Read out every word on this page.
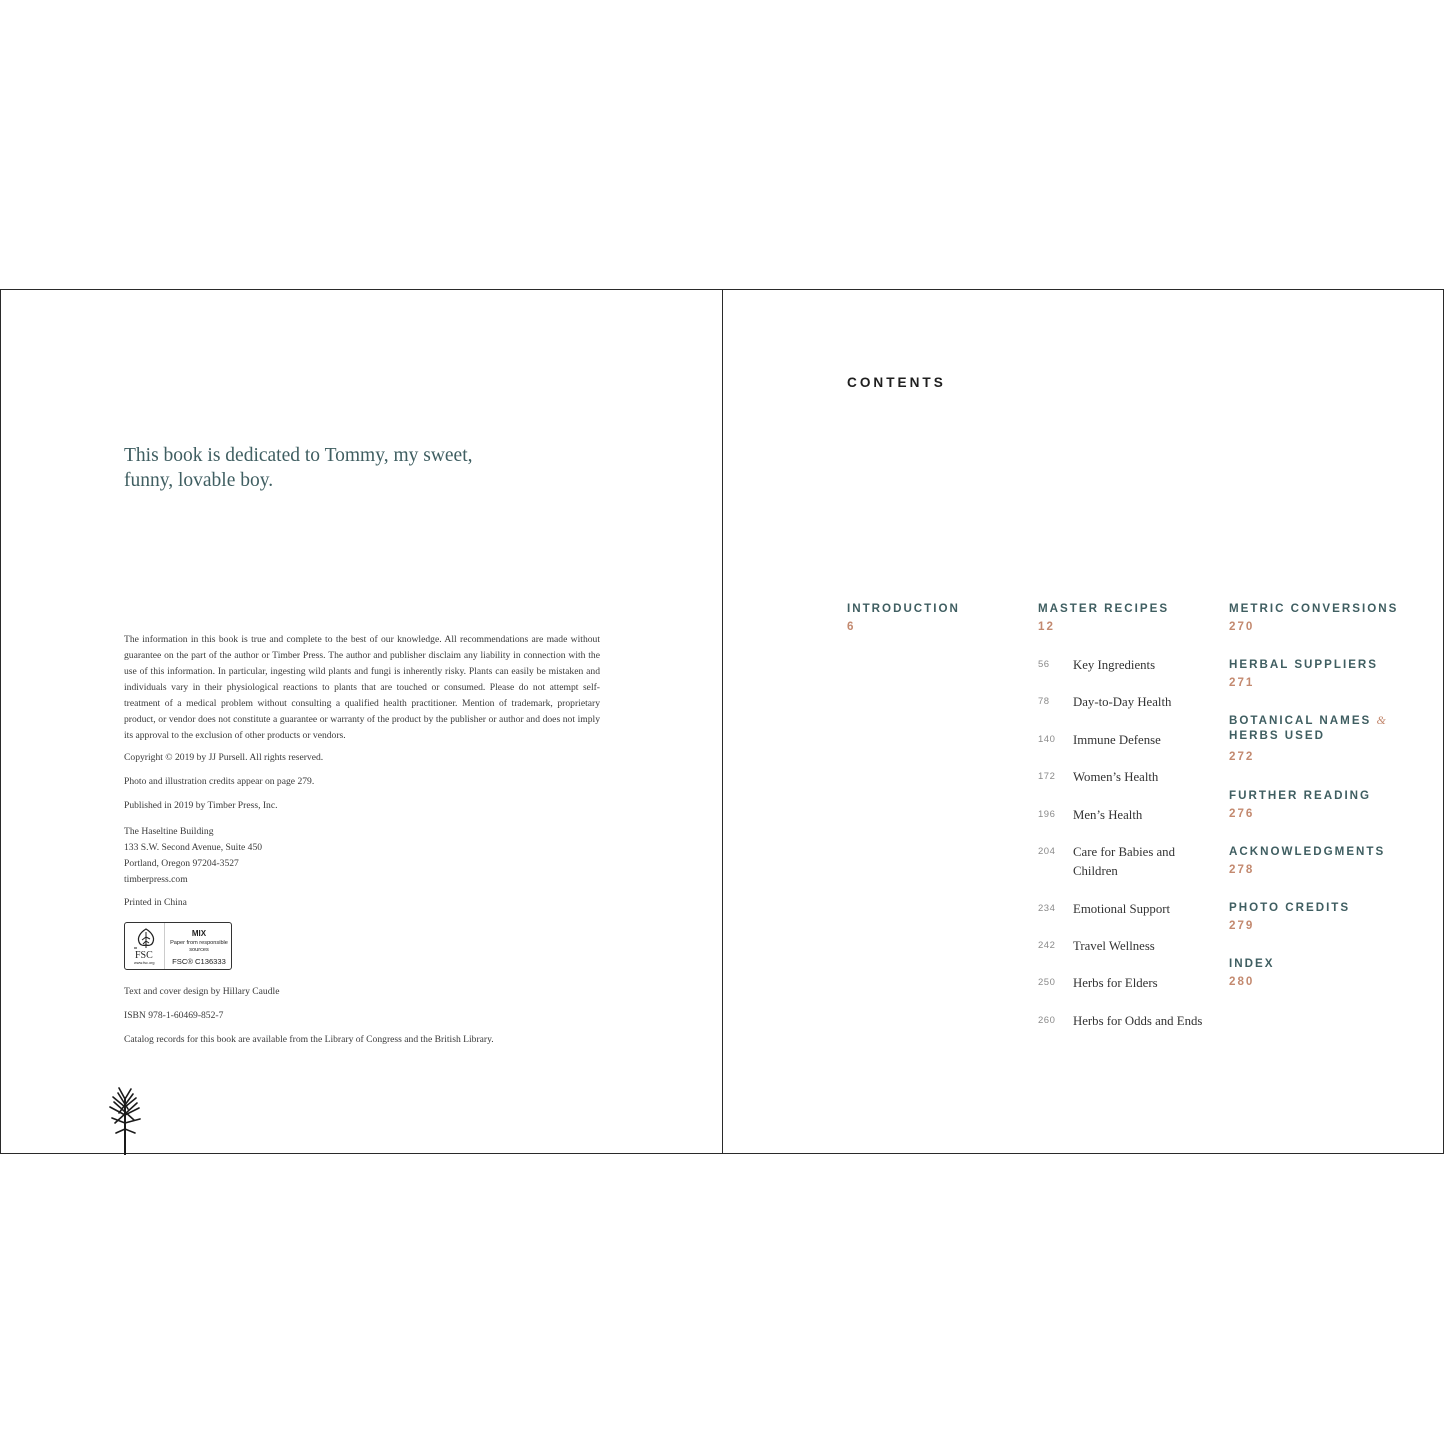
This book is dedicated to Tommy, my sweet, funny, lovable boy.
The information in this book is true and complete to the best of our knowledge. All recommendations are made without guarantee on the part of the author or Timber Press. The author and publisher disclaim any liability in connection with the use of this information. In particular, ingesting wild plants and fungi is inherently risky. Plants can easily be mistaken and individuals vary in their physiological reactions to plants that are touched or consumed. Please do not attempt self-treatment of a medical problem without consulting a qualified health practitioner. Mention of trademark, proprietary product, or vendor does not constitute a guarantee or warranty of the product by the publisher or author and does not imply its approval to the exclusion of other products or vendors.
Copyright © 2019 by JJ Pursell. All rights reserved.
Photo and illustration credits appear on page 279.
Published in 2019 by Timber Press, Inc.
The Haseltine Building
133 S.W. Second Avenue, Suite 450
Portland, Oregon 97204-3527
timberpress.com
Printed in China
FSC
www.fsc.org
MIX
Paper from responsible sources
FSC® C136333
Text and cover design by Hillary Caudle
ISBN 978-1-60469-852-7
Catalog records for this book are available from the Library of Congress and the British Library.
CONTENTS
INTRODUCTION
6
MASTER RECIPES
12
56 Key Ingredients
78 Day-to-Day Health
140 Immune Defense
172 Women’s Health
196 Men’s Health
204 Care for Babies and Children
234 Emotional Support
242 Travel Wellness
250 Herbs for Elders
260 Herbs for Odds and Ends
METRIC CONVERSIONS
270
HERBAL SUPPLIERS
271
BOTANICAL NAMES &
HERBS USED
272
FURTHER READING
276
ACKNOWLEDGMENTS
278
PHOTO CREDITS
279
INDEX
280
